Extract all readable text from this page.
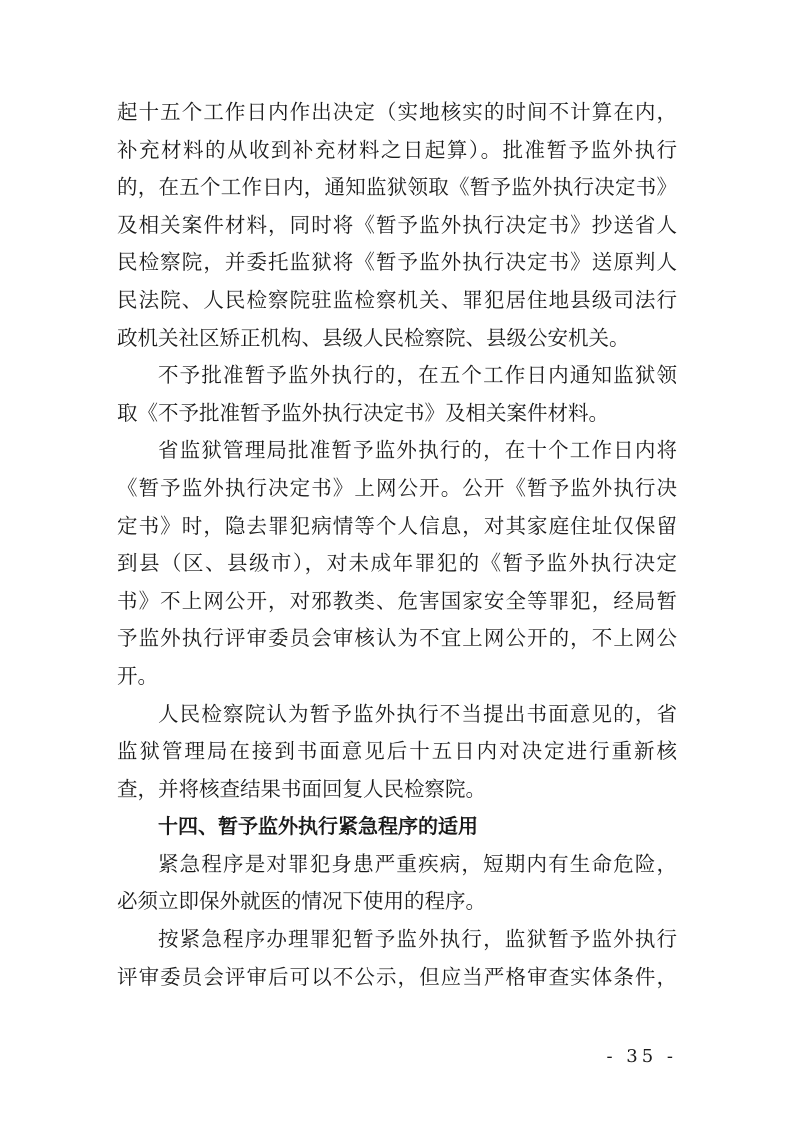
起十五个工作日内作出决定（实地核实的时间不计算在内，
补充材料的从收到补充材料之日起算）。批准暂予监外执行
的，在五个工作日内，通知监狱领取《暂予监外执行决定书》
及相关案件材料，同时将《暂予监外执行决定书》抄送省人
民检察院，并委托监狱将《暂予监外执行决定书》送原判人
民法院、人民检察院驻监检察机关、罪犯居住地县级司法行
政机关社区矫正机构、县级人民检察院、县级公安机关。
不予批准暂予监外执行的，在五个工作日内通知监狱领
取《不予批准暂予监外执行决定书》及相关案件材料。
省监狱管理局批准暂予监外执行的，在十个工作日内将
《暂予监外执行决定书》上网公开。公开《暂予监外执行决
定书》时，隐去罪犯病情等个人信息，对其家庭住址仅保留
到县（区、县级市），对未成年罪犯的《暂予监外执行决定
书》不上网公开，对邪教类、危害国家安全等罪犯，经局暂
予监外执行评审委员会审核认为不宜上网公开的，不上网公
开。
人民检察院认为暂予监外执行不当提出书面意见的，省
监狱管理局在接到书面意见后十五日内对决定进行重新核
查，并将核查结果书面回复人民检察院。
十四、暂予监外执行紧急程序的适用
紧急程序是对罪犯身患严重疾病，短期内有生命危险，
必须立即保外就医的情况下使用的程序。
按紧急程序办理罪犯暂予监外执行，监狱暂予监外执行
评审委员会评审后可以不公示，但应当严格审查实体条件，
- 35 -
